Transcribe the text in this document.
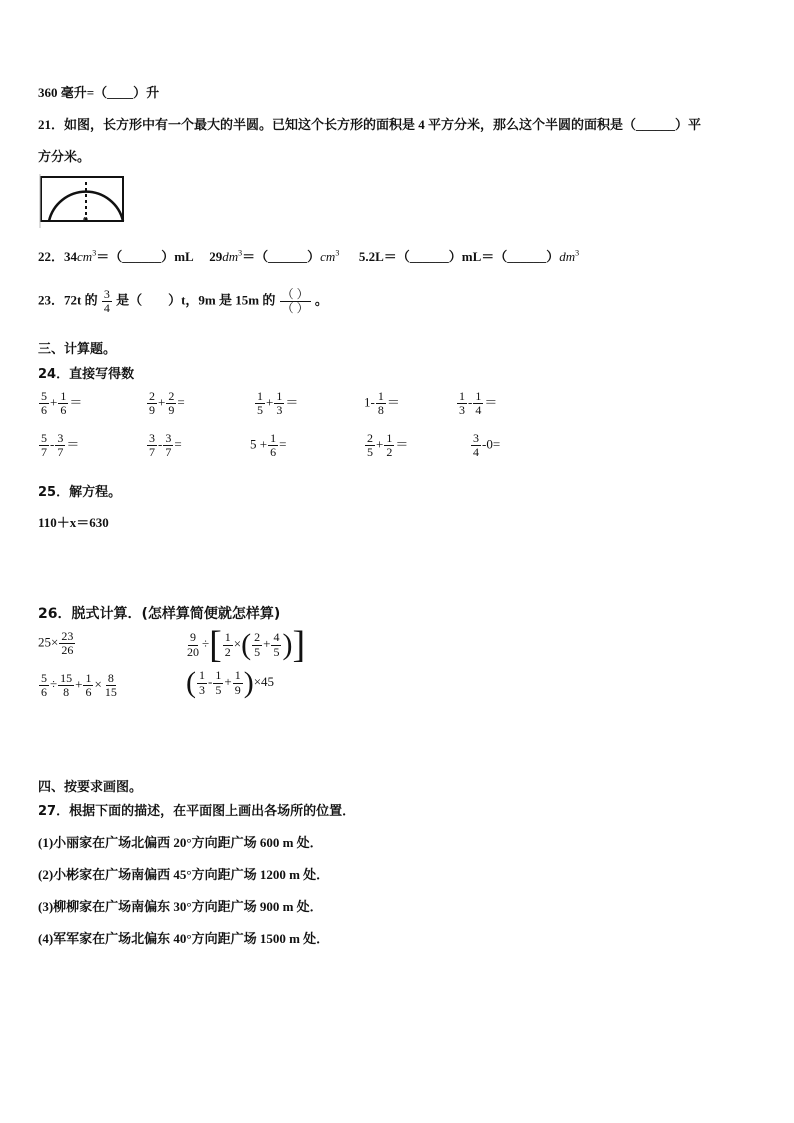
360 毫升=（____）升
21．如图，长方形中有一个最大的半圆。已知这个长方形的面积是 4 平方分米，那么这个半圆的面积是（______）平
方分米。
o
22．$34cm^3=(\_\_\_\_\_\_)mL$ $29dm^3=(\_\_\_\_\_\_)cm^3$ $5.2L=(\_\_\_\_\_\_)mL=(\_\_\_\_\_\_)dm^3$
23．72t 的 $\frac{3}{4}$ 是（　　）t，9m 是 15m 的 $\frac{( )}{( )}$ 。
三、计算题。
24．直接写得数
$\frac{5}{6} + \frac{1}{6}$ ＝	$\frac{2}{9} + \frac{2}{9}$ =	$\frac{1}{5} + \frac{1}{3}$ ＝	$1- \frac{1}{8}$ ＝	$\frac{1}{3} - \frac{1}{4}$ ＝
$\frac{5}{7} - \frac{3}{7}$ ＝	$\frac{3}{7} - \frac{3}{7}$ =	$5 + \frac{1}{6}$ =	$\frac{2}{5} + \frac{1}{2}$ ＝	$\frac{3}{4} -0=$
25．解方程。
110＋x＝630
26．脱式计算．(怎样算简便就怎样算)
$25\times \frac{23}{26}$	$\frac{9}{20}$ ÷[ $\frac{1}{2}$ ×( $\frac{2}{5} + \frac{4}{5}$ )]
$\frac{5}{6} \div \frac{15}{8} + \frac{1}{6} \times \frac{8}{15}$ ( $\frac{1}{3} - \frac{1}{5} + \frac{1}{9} )\times 45$
四、按要求画图。
27．根据下面的描述，在平面图上画出各场所的位置．
(1)小丽家在广场北偏西 20°方向距广场 600 m 处．
(2)小彬家在广场南偏西 45°方向距广场 1200 m 处．
(3)柳柳家在广场南偏东 30°方向距广场 900 m 处．
(4)军军家在广场北偏东 40°方向距广场 1500 m 处．
